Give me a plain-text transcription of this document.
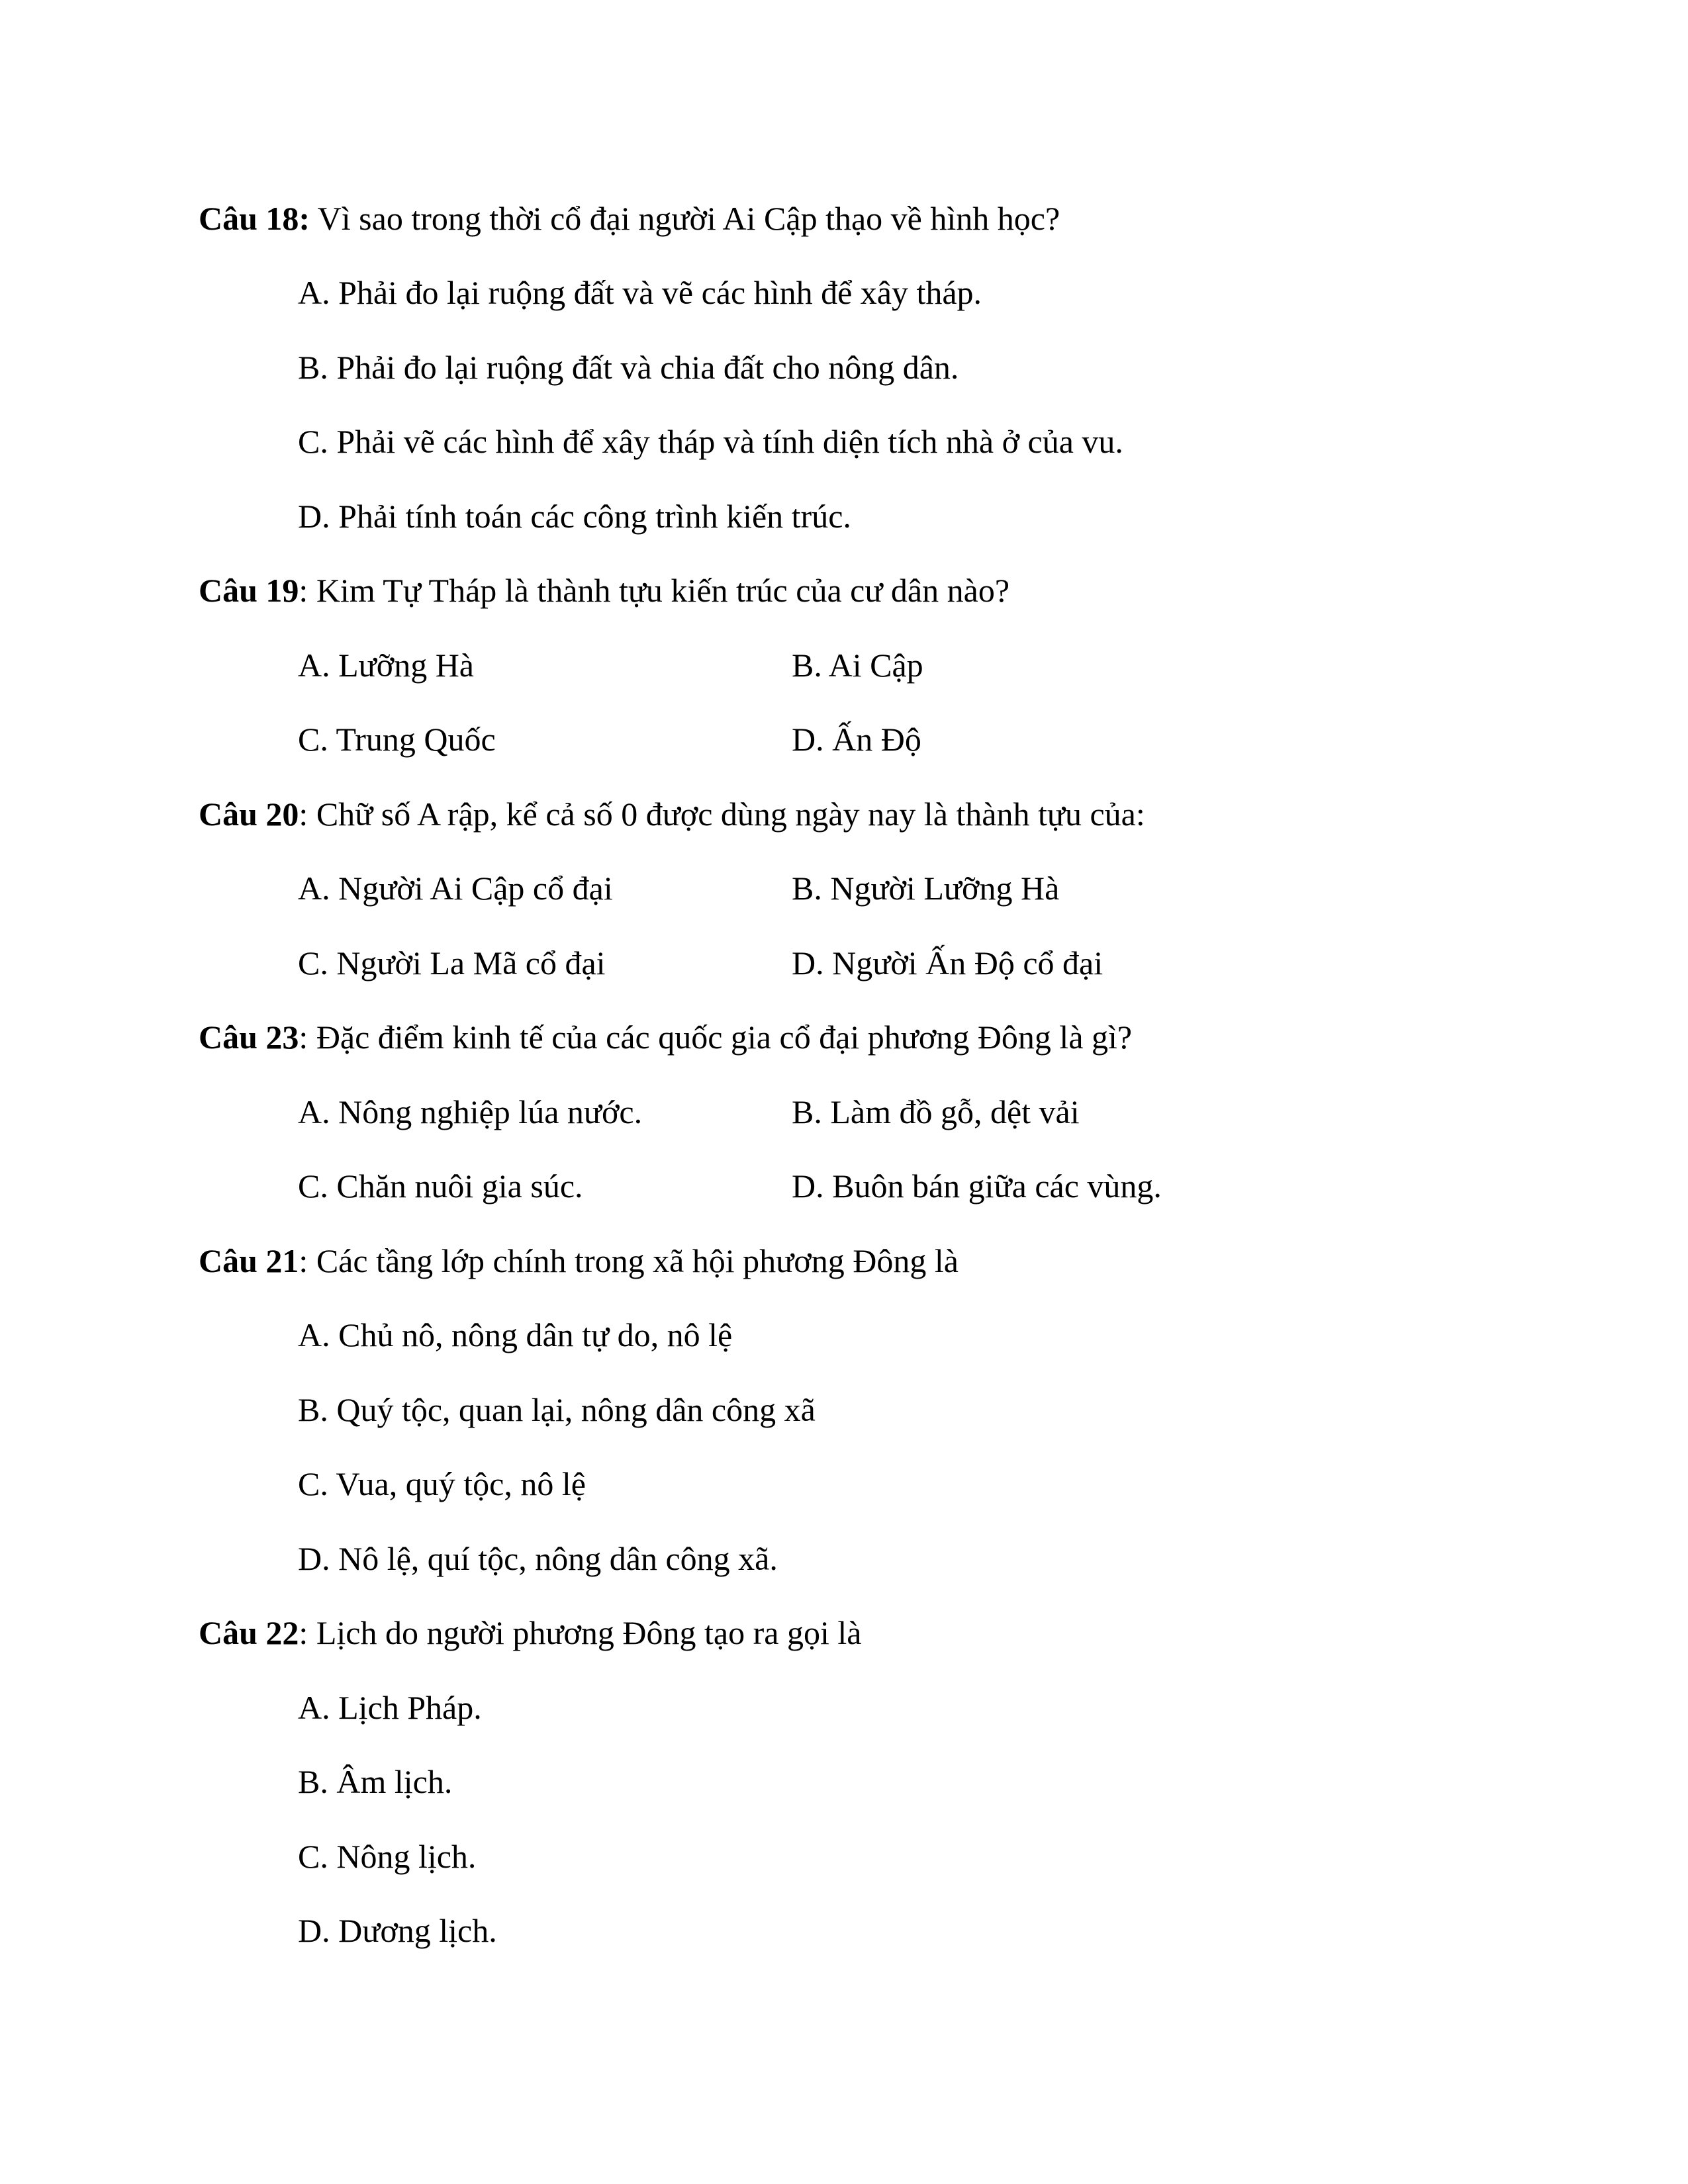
Câu 18: Vì sao trong thời cổ đại người Ai Cập thạo về hình học?
A. Phải đo lại ruộng đất và vẽ các hình để xây tháp.
B. Phải đo lại ruộng đất và chia đất cho nông dân.
C. Phải vẽ các hình để xây tháp và tính diện tích nhà ở của vu.
D. Phải tính toán các công trình kiến trúc.
Câu 19: Kim Tự Tháp là thành tựu kiến trúc của cư dân nào?
A. Lưỡng Hà	B. Ai Cập
C. Trung Quốc	D. Ấn Độ
Câu 20: Chữ số A rập, kể cả số 0 được dùng ngày nay là thành tựu của:
A. Người Ai Cập cổ đại	B. Người Lưỡng Hà
C. Người La Mã cổ đại	D. Người Ấn Độ cổ đại
Câu 23: Đặc điểm kinh tế của các quốc gia cổ đại phương Đông là gì?
A. Nông nghiệp lúa nước.	B. Làm đồ gỗ, dệt vải
C. Chăn nuôi gia súc.	D. Buôn bán giữa các vùng.
Câu 21: Các tầng lớp chính trong xã hội phương Đông là
A. Chủ nô, nông dân tự do, nô lệ
B. Quý tộc, quan lại, nông dân công xã
C. Vua, quý tộc, nô lệ
D. Nô lệ, quí tộc, nông dân công xã.
Câu 22: Lịch do người phương Đông tạo ra gọi là
A. Lịch Pháp.
B. Âm lịch.
C. Nông lịch.
D. Dương lịch.
